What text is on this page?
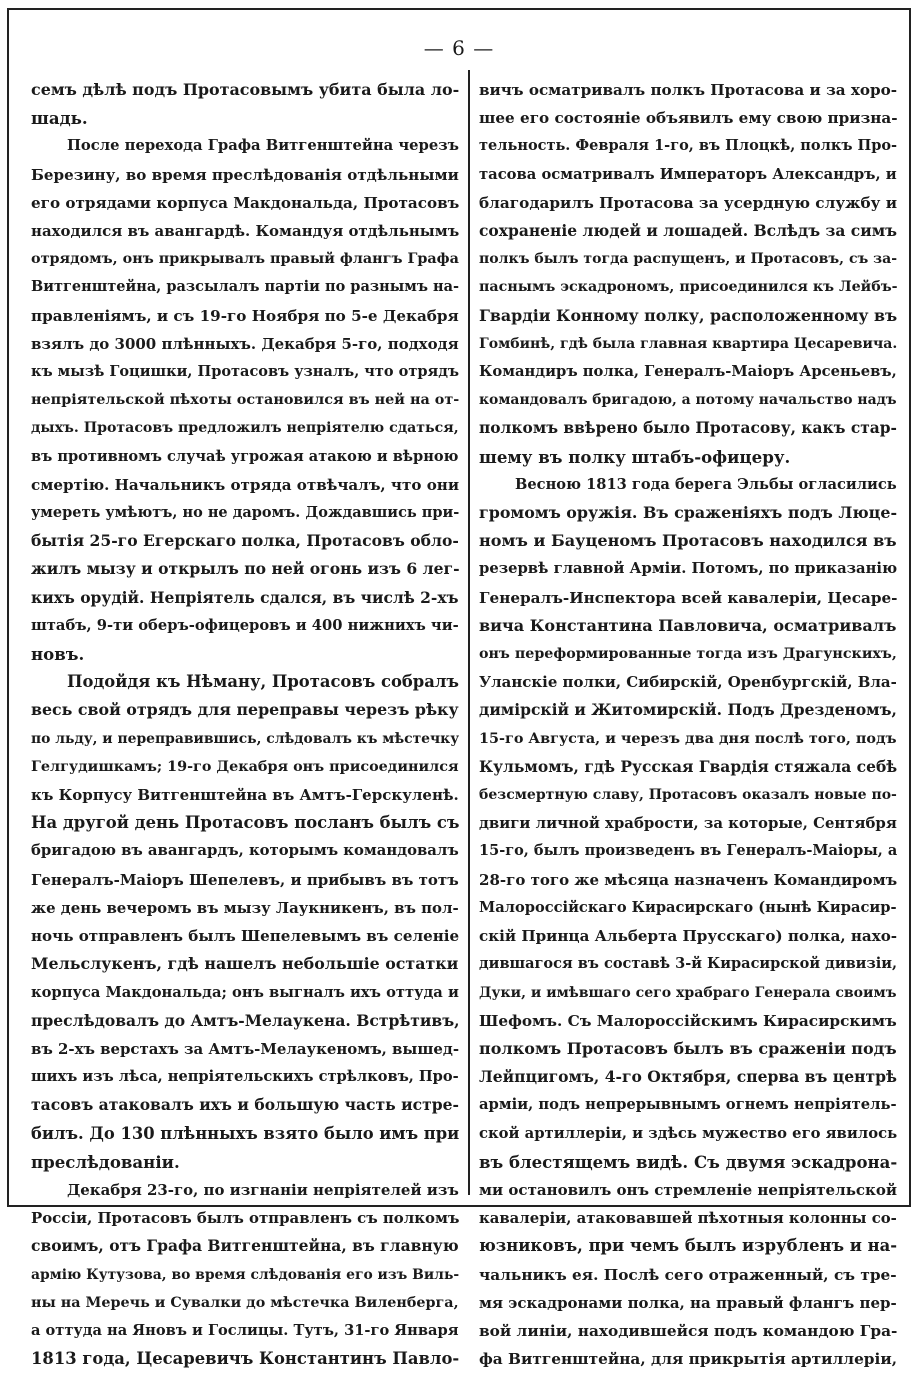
— 6 —
семъ дѣлѣ подъ Протасовымъ убита была ло-
шадь.
После перехода Графа Витгенштейна черезъ
Березину, во время преслѣдованія отдѣльными
его отрядами корпуса Макдональда, Протасовъ
находился въ авангардѣ. Командуя отдѣльнымъ
отрядомъ, онъ прикрывалъ правый флангъ Графа
Витгенштейна, разсылалъ партіи по разнымъ на-
правленіямъ, и съ 19-го Ноября по 5-е Декабря
взялъ до 3000 плѣнныхъ. Декабря 5-го, подходя
къ мызѣ Гоцишки, Протасовъ узналъ, что отрядъ
непріятельской пѣхоты остановился въ ней на от-
дыхъ. Протасовъ предложилъ непріятелю сдаться,
въ противномъ случаѣ угрожая атакою и вѣрною
смертію. Начальникъ отряда отвѣчалъ, что они
умереть умѣютъ, но не даромъ. Дождавшись при-
бытія 25-го Егерскаго полка, Протасовъ обло-
жилъ мызу и открылъ по ней огонь изъ 6 лег-
кихъ орудій. Непріятель сдался, въ числѣ 2-хъ
штабъ, 9-ти оберъ-офицеровъ и 400 нижнихъ чи-
новъ.
Подойдя къ Нѣману, Протасовъ собралъ
весь свой отрядъ для переправы черезъ рѣку
по льду, и переправившись, слѣдовалъ къ мѣстечку
Гелгудишкамъ; 19-го Декабря онъ присоединился
къ Корпусу Витгенштейна въ Амтъ-Герскуленѣ.
На другой день Протасовъ посланъ былъ съ
бригадою въ авангардъ, которымъ командовалъ
Генералъ-Маіоръ Шепелевъ, и прибывъ въ тотъ
же день вечеромъ въ мызу Лаукникенъ, въ пол-
ночь отправленъ былъ Шепелевымъ въ селеніе
Мельслукенъ, гдѣ нашелъ небольшіе остатки
корпуса Макдональда; онъ выгналъ ихъ оттуда и
преслѣдовалъ до Амтъ-Мелаукена. Встрѣтивъ,
въ 2-хъ верстахъ за Амтъ-Мелаукеномъ, вышед-
шихъ изъ лѣса, непріятельскихъ стрѣлковъ, Про-
тасовъ атаковалъ ихъ и большую часть истре-
билъ. До 130 плѣнныхъ взято было имъ при
преслѣдованіи.
Декабря 23-го, по изгнаніи непріятелей изъ
Россіи, Протасовъ былъ отправленъ съ полкомъ
своимъ, отъ Графа Витгенштейна, въ главную
армію Кутузова, во время слѣдованія его изъ Виль-
ны на Меречь и Сувалки до мѣстечка Виленберга,
а оттуда на Яновъ и Гослицы. Тутъ, 31-го Января
1813 года, Цесаревичъ Константинъ Павло-
вичъ осматривалъ полкъ Протасова и за хоро-
шее его состояніе объявилъ ему свою призна-
тельность. Февраля 1-го, въ Плоцкѣ, полкъ Про-
тасова осматривалъ Императоръ Александръ, и
благодарилъ Протасова за усердную службу и
сохраненіе людей и лошадей. Вслѣдъ за симъ
полкъ былъ тогда распущенъ, и Протасовъ, съ за-
паснымъ эскадрономъ, присоединился къ Лейбъ-
Гвардіи Конному полку, расположенному въ
Гомбинѣ, гдѣ была главная квартира Цесаревича.
Командиръ полка, Генералъ-Маіоръ Арсеньевъ,
командовалъ бригадою, а потому начальство надъ
полкомъ ввѣрено было Протасову, какъ стар-
шему въ полку штабъ-офицеру.
Весною 1813 года берега Эльбы огласились
громомъ оружія. Въ сраженіяхъ подъ Люце-
номъ и Бауценомъ Протасовъ находился въ
резервѣ главной Арміи. Потомъ, по приказанію
Генералъ-Инспектора всей кавалеріи, Цесаре-
вича Константина Павловича, осматривалъ
онъ переформированные тогда изъ Драгунскихъ,
Уланскіе полки, Сибирскій, Оренбургскій, Вла-
димірскій и Житомирскій. Подъ Дрезденомъ,
15-го Августа, и черезъ два дня послѣ того, подъ
Кульмомъ, гдѣ Русская Гвардія стяжала себѣ
безсмертную славу, Протасовъ оказалъ новые по-
двиги личной храбрости, за которые, Сентября
15-го, былъ произведенъ въ Генералъ-Маіоры, а
28-го того же мѣсяца назначенъ Командиромъ
Малороссійскаго Кирасирскаго (нынѣ Кирасир-
скій Принца Альберта Прусскаго) полка, нахо-
дившагося въ составѣ 3-й Кирасирской дивизіи,
Дуки, и имѣвшаго сего храбраго Генерала своимъ
Шефомъ. Съ Малороссійскимъ Кирасирскимъ
полкомъ Протасовъ былъ въ сраженіи подъ
Лейпцигомъ, 4-го Октября, сперва въ центрѣ
арміи, подъ непрерывнымъ огнемъ непріятель-
ской артиллеріи, и здѣсь мужество его явилось
въ блестящемъ видѣ. Съ двумя эскадрона-
ми остановилъ онъ стремленіе непріятельской
кавалеріи, атаковавшей пѣхотныя колонны со-
юзниковъ, при чемъ былъ изрубленъ и на-
чальникъ ея. Послѣ сего отраженный, съ тре-
мя эскадронами полка, на правый флангъ пер-
вой линіи, находившейся подъ командою Гра-
фа Витгенштейна, для прикрытія артиллеріи,
